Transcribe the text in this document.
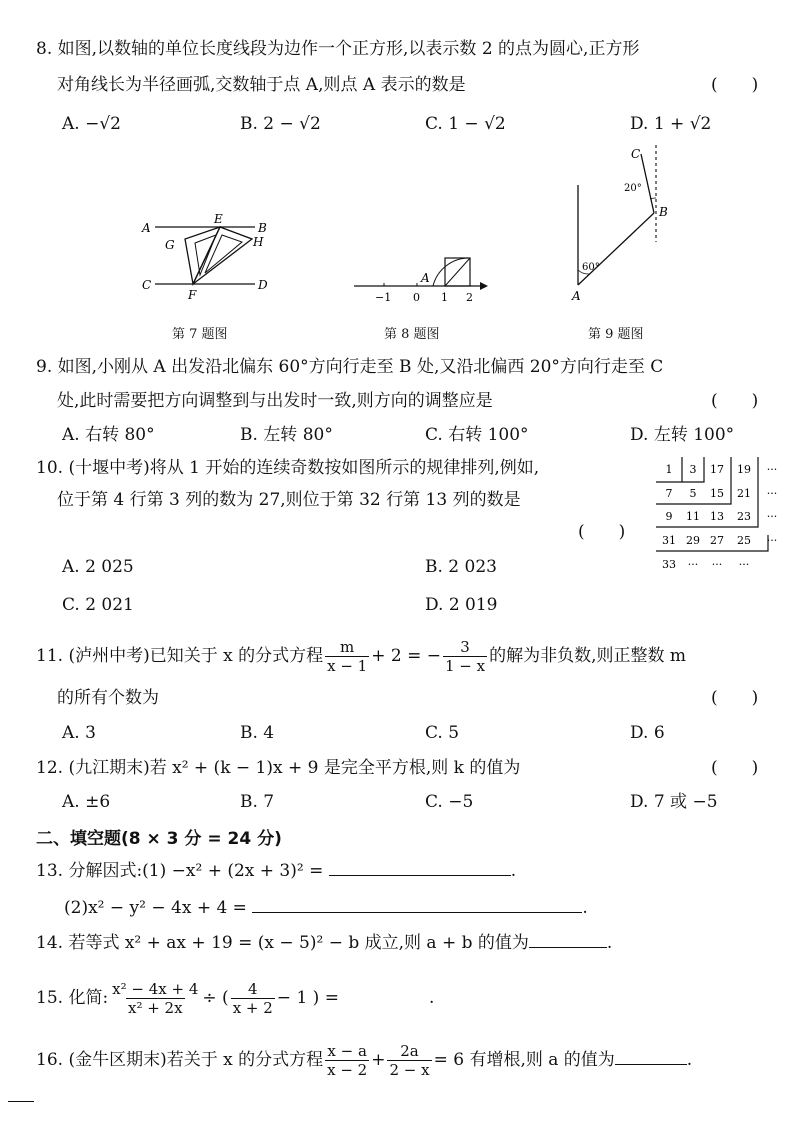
8. 如图,以数轴的单位长度线段为边作一个正方形,以表示数 2 的点为圆心,正方形
对角线长为半径画弧,交数轴于点 A,则点 A 表示的数是	(　　)
A. −√2	B. 2 − √2	C. 1 − √2	D. 1 + √2
A
E
B
G	H
C
F
D
第 7 题图
A
−1 0 1 2
第 8 题图
C
20°
B
60°
A
第 9 题图
9. 如图,小刚从 A 出发沿北偏东 60°方向行走至 B 处,又沿北偏西 20°方向行走至 C
处,此时需要把方向调整到与出发时一致,则方向的调整应是	(　　)
A. 右转 80°	B. 左转 80°	C. 右转 100°	D. 左转 100°
10. (十堰中考)将从 1 开始的连续奇数按如图所示的规律排列,例如,
位于第 4 行第 3 列的数为 27,则位于第 32 行第 13 列的数是
(　　)
A. 2 025	B. 2 023
C. 2 021	D. 2 019
1 3 17 19 ···
7 5 15 21 ···
9 11 13 23 ···
31 29 27 25 ···
33 ··· ··· ···
11. (泸州中考)已知关于 x 的分式方程 $\frac{m}{x - 1} + 2$ = − $\frac{3}{1 - x}$ 的解为非负数,则正整数 m
的所有个数为	(　　)
A. 3	B. 4	C. 5	D. 6
12. (九江期末)若 x² + (k − 1)x + 9 是完全平方根,则 k 的值为	(　　)
A. ±6	B. 7	C. −5	D. 7 或 −5
二、填空题(8 × 3 分 = 24 分)
13. 分解因式:(1) −x² + (2x + 3)² =	.
(2)x² − y² − 4x + 4 =	.
14. 若等式 x² + ax + 19 = (x − 5)² − b 成立,则 a + b 的值为	.
15. 化简: $\frac{\text{x² − 4x + 4}}{\text{x² + 2x}}$ ÷ ( $\frac{4}{x + 2} - 1$ ) =	.
16. (金牛区期末)若关于 x 的分式方程 $\frac{x - a}{x - 2} + \frac{2a}{2 - x} = 6$ 有增根,则 a 的值为	.
